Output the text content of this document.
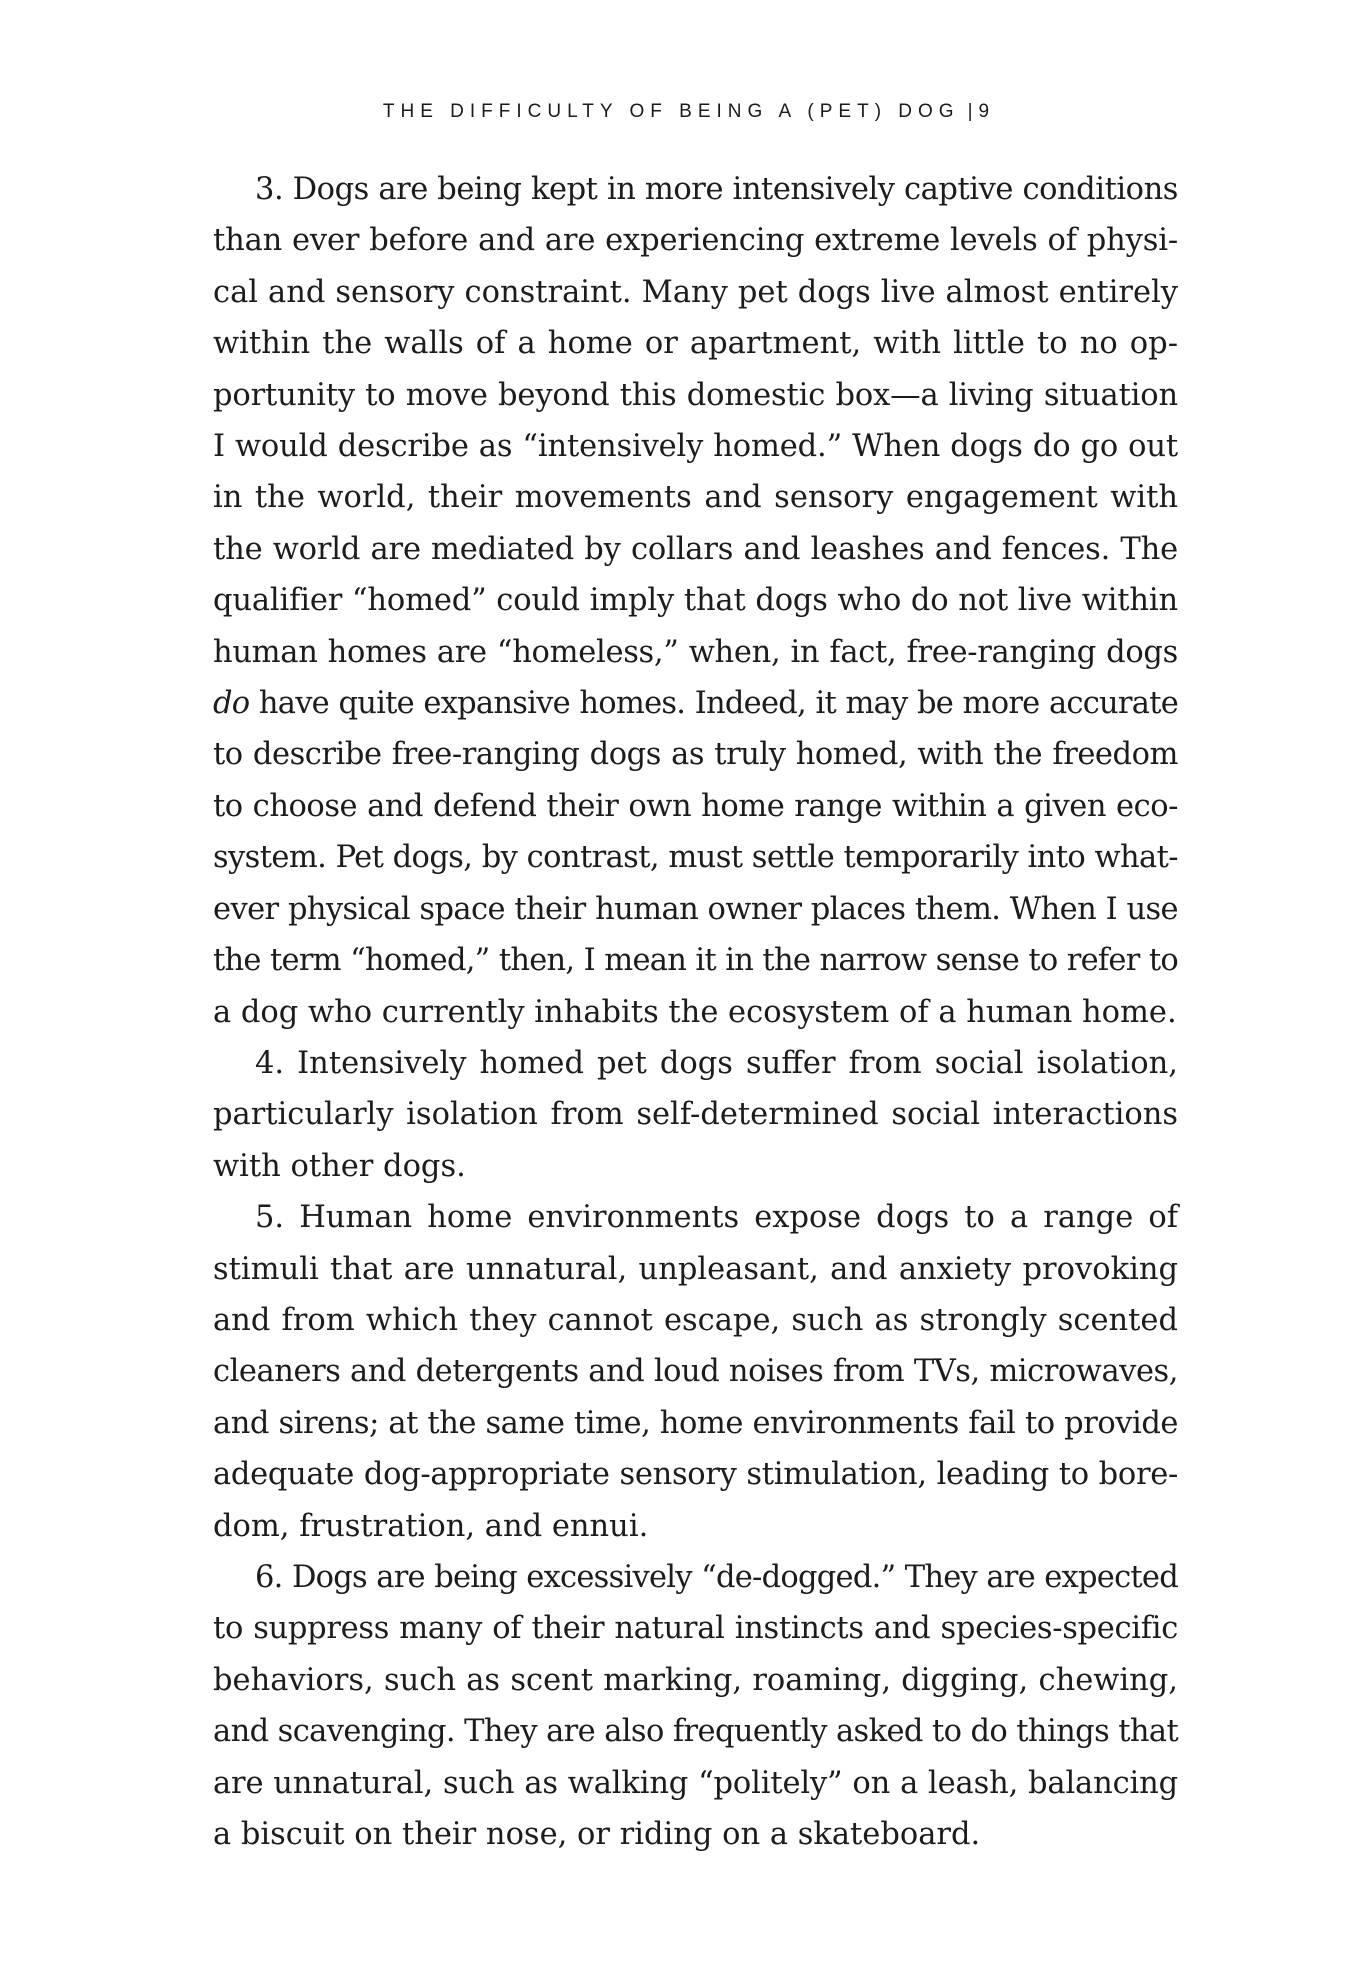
THE DIFFICULTY OF BEING A (PET) DOG | 9

3. Dogs are being kept in more intensively captive conditions
than ever before and are experiencing extreme levels of physi-
cal and sensory constraint. Many pet dogs live almost entirely
within the walls of a home or apartment, with little to no op-
portunity to move beyond this domestic box—a living situation
I would describe as “intensively homed.” When dogs do go out
in the world, their movements and sensory engagement with
the world are mediated by collars and leashes and fences. The
qualifier “homed” could imply that dogs who do not live within
human homes are “homeless,” when, in fact, free-ranging dogs
do have quite expansive homes. Indeed, it may be more accurate
to describe free-ranging dogs as truly homed, with the freedom
to choose and defend their own home range within a given eco-
system. Pet dogs, by contrast, must settle temporarily into what-
ever physical space their human owner places them. When I use
the term “homed,” then, I mean it in the narrow sense to refer to
a dog who currently inhabits the ecosystem of a human home.

4. Intensively homed pet dogs suffer from social isolation,
particularly isolation from self-determined social interactions
with other dogs.

5. Human home environments expose dogs to a range of
stimuli that are unnatural, unpleasant, and anxiety provoking
and from which they cannot escape, such as strongly scented
cleaners and detergents and loud noises from TVs, microwaves,
and sirens; at the same time, home environments fail to provide
adequate dog-appropriate sensory stimulation, leading to bore-
dom, frustration, and ennui.

6. Dogs are being excessively “de-dogged.” They are expected
to suppress many of their natural instincts and species-specific
behaviors, such as scent marking, roaming, digging, chewing,
and scavenging. They are also frequently asked to do things that
are unnatural, such as walking “politely” on a leash, balancing
a biscuit on their nose, or riding on a skateboard.
